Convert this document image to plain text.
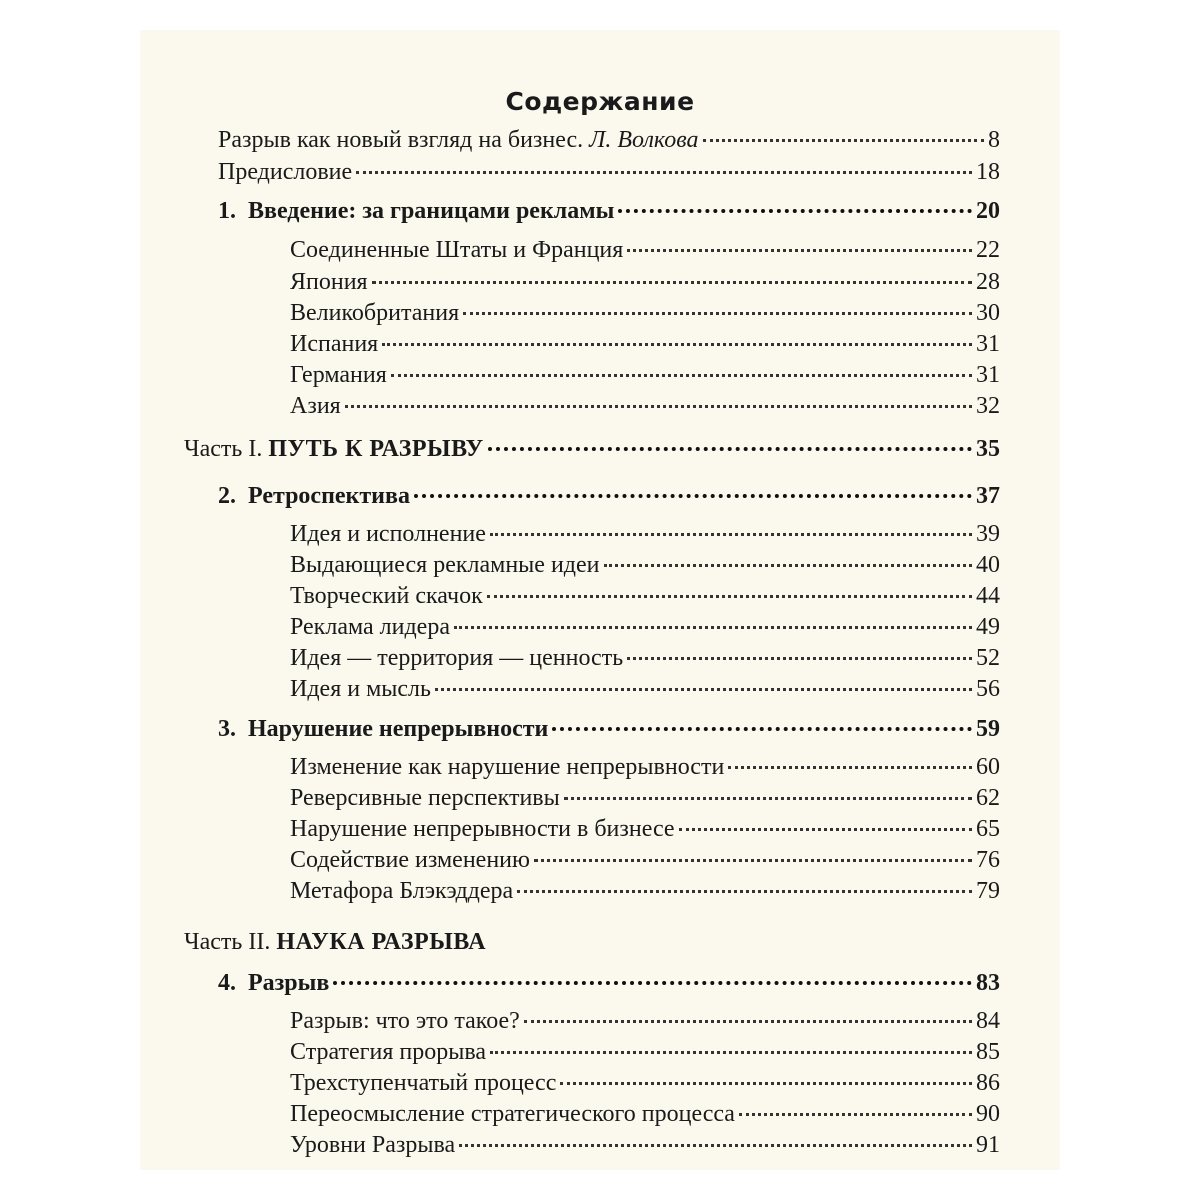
Содержание
Разрыв как новый взгляд на бизнес. Л. Волкова	8
Предисловие	18
1. Введение: за границами рекламы	20
Соединенные Штаты и Франция	22
Япония	28
Великобритания	30
Испания	31
Германия	31
Азия	32
Часть I. ПУТЬ К РАЗРЫВУ	35
2. Ретроспектива	37
Идея и исполнение	39
Выдающиеся рекламные идеи	40
Творческий скачок	44
Реклама лидера	49
Идея — территория — ценность	52
Идея и мысль	56
3. Нарушение непрерывности	59
Изменение как нарушение непрерывности	60
Реверсивные перспективы	62
Нарушение непрерывности в бизнесе	65
Содействие изменению	76
Метафора Блэкэддера	79
Часть II. НАУКА РАЗРЫВА
4. Разрыв	83
Разрыв: что это такое?	84
Стратегия прорыва	85
Трехступенчатый процесс	86
Переосмысление стратегического процесса	90
Уровни Разрыва	91
